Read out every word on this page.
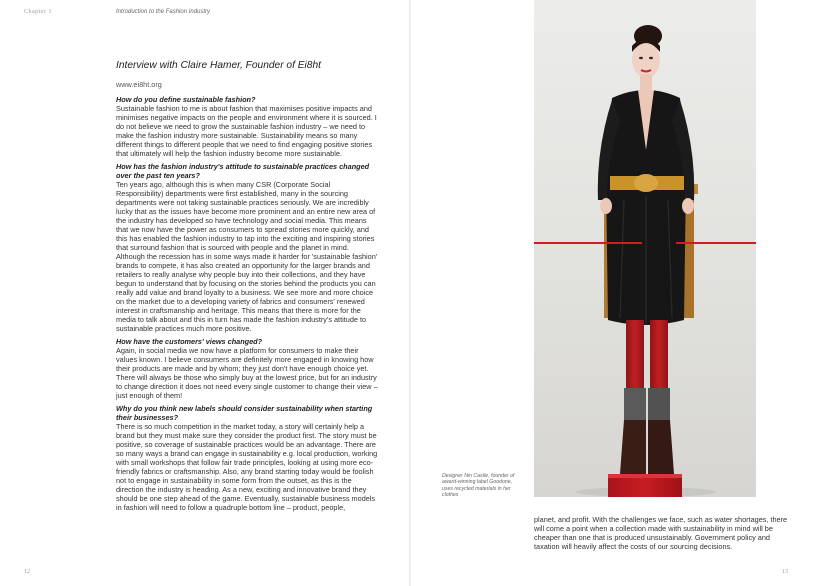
Chapter 1	Introduction to the Fashion Industry
Interview with Claire Hamer, Founder of Ei8ht

www.ei8ht.org

How do you define sustainable fashion?

Sustainable fashion to me is about fashion that maximises positive impacts and minimises negative impacts on the people and environment where it is sourced. I do not believe we need to grow the sustainable fashion industry – we need to make the fashion industry more sustainable. Sustainability means so many different things to different people that we need to find engaging positive stories that ultimately will help the fashion industry become more sustainable.

How has the fashion industry's attitude to sustainable practices changed over the past ten years?

Ten years ago, although this is when many CSR (Corporate Social Responsibility) departments were first established, many in the sourcing departments were not taking sustainable practices seriously. We are incredibly lucky that as the issues have become more prominent and an entire new area of the industry has developed so have technology and social media. This means that we now have the power as consumers to spread stories more quickly, and this has enabled the fashion industry to tap into the exciting and inspiring stories that surround fashion that is sourced with people and the planet in mind. Although the recession has in some ways made it harder for 'sustainable fashion' brands to compete, it has also created an opportunity for the larger brands and retailers to really analyse why people buy into their collections, and they have begun to understand that by focusing on the stories behind the products you can really add value and brand loyalty to a business. We see more and more choice on the market due to a developing variety of fabrics and consumers' renewed interest in craftsmanship and heritage. This means that there is more for the media to talk about and this in turn has made the fashion industry's attitude to sustainable practices much more positive.

How have the customers' views changed?

Again, in social media we now have a platform for consumers to make their values known. I believe consumers are definitely more engaged in knowing how their products are made and by whom; they just don't have enough choice yet. There will always be those who simply buy at the lowest price, but for an industry to change direction it does not need every single customer to change their view – just enough of them!

Why do you think new labels should consider sustainability when starting their businesses?

There is so much competition in the market today, a story will certainly help a brand but they must make sure they consider the product first. The story must be positive, so coverage of sustainable practices would be an advantage. There are so many ways a brand can engage in sustainability e.g. local production, working with small workshops that follow fair trade principles, looking at using more eco-friendly fabrics or craftsmanship. Also, any brand starting today would be foolish not to engage in sustainability in some form from the outset, as this is the direction the industry is heading. As a new, exciting and innovative brand they should be one step ahead of the game. Eventually, sustainable business models in fashion will need to follow a quadruple bottom line – product, people,

12	13
Designer Nin Castle, founder of award-winning label Goodone, uses recycled materials in her clothes
planet, and profit. With the challenges we face, such as water shortages, there will come a point when a collection made with sustainability in mind will be cheaper than one that is produced unsustainably. Government policy and taxation will heavily affect the costs of our sourcing decisions.
